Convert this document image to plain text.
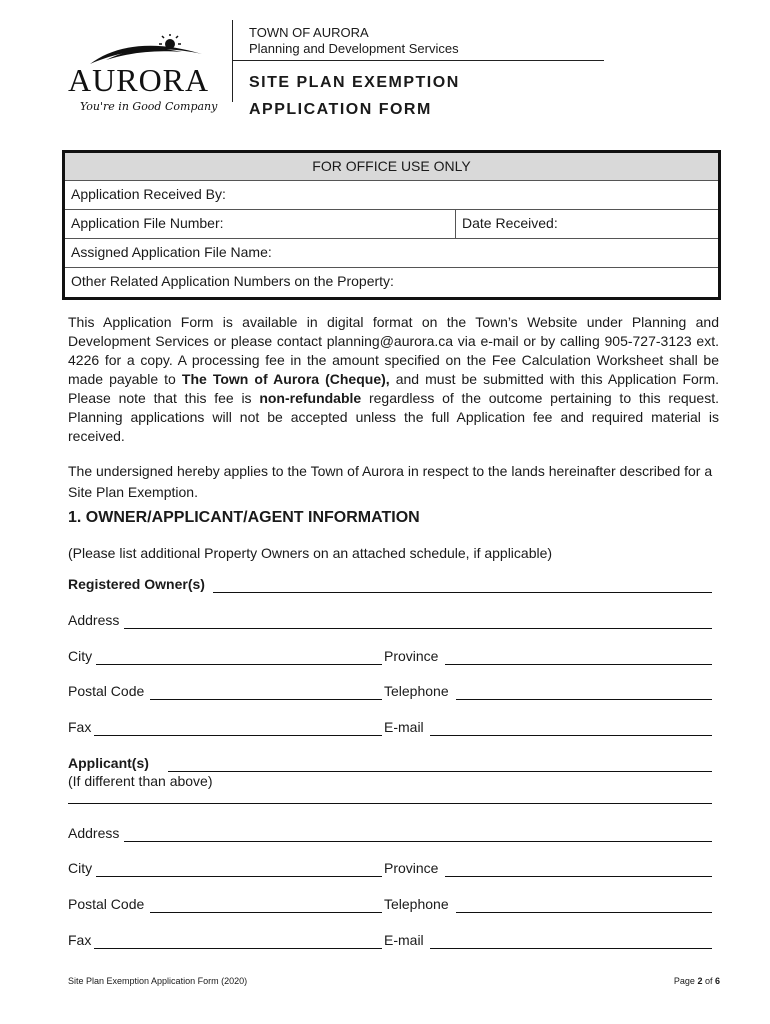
AURORA
You're in Good Company
TOWN OF AURORA
Planning and Development Services
SITE PLAN EXEMPTION
APPLICATION FORM
FOR OFFICE USE ONLY
Application Received By:
Application File Number:	Date Received:
Assigned Application File Name:
Other Related Application Numbers on the Property:
This Application Form is available in digital format on the Town’s Website under Planning and Development Services or please contact planning@aurora.ca via e-mail or by calling 905-727-3123 ext. 4226 for a copy. A processing fee in the amount specified on the Fee Calculation Worksheet shall be made payable to The Town of Aurora (Cheque), and must be submitted with this Application Form. Please note that this fee is non-refundable regardless of the outcome pertaining to this request. Planning applications will not be accepted unless the full Application fee and required material is received.
The undersigned hereby applies to the Town of Aurora in respect to the lands hereinafter described for a Site Plan Exemption.
1. OWNER/APPLICANT/AGENT INFORMATION
(Please list additional Property Owners on an attached schedule, if applicable)
Registered Owner(s)
Address
City	Province
Postal Code	Telephone
Fax	E-mail
Applicant(s)
(If different than above)
Address
City	Province
Postal Code	Telephone
Fax	E-mail
Site Plan Exemption Application Form (2020)	Page 2 of 6
